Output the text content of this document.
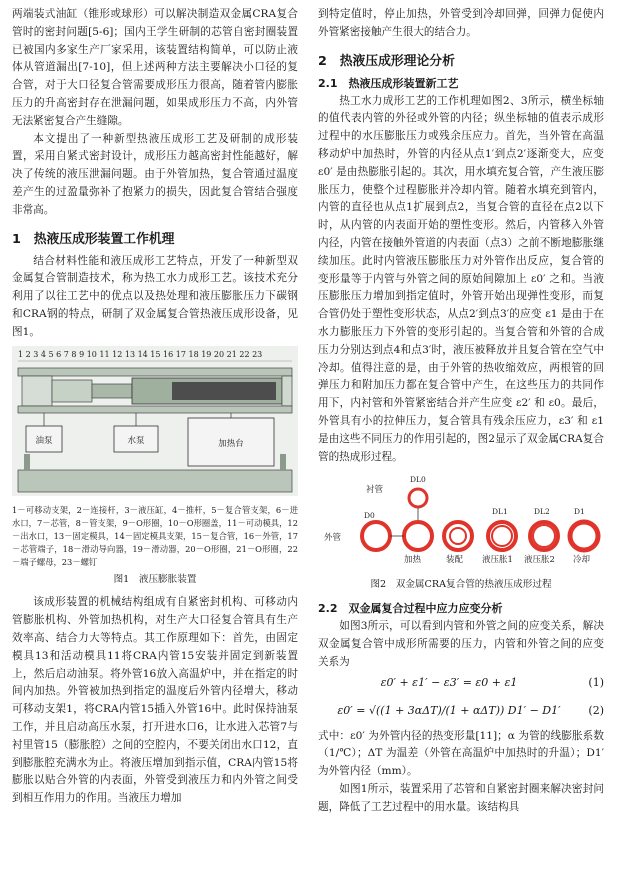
两端装式油缸（锥形或球形）可以解决制造双金属CRA复合管时的密封问题[5-6]；国内王学生研制的芯管自密封圈装置已被国内多家生产厂家采用，该装置结构简单，可以防止液体从管道漏出[7-10]，但上述两种方法主要解决小口径的复合管，对于大口径复合管需要成形压力很高，随着管内膨胀压力的升高密封存在泄漏问题，如果成形压力不高，内外管无法紧密复合产生缝隙。

本文提出了一种新型热液压成形工艺及研制的成形装置，采用自紧式密封设计，成形压力越高密封性能越好，解决了传统的液压泄漏问题。由于外管加热，复合管通过温度差产生的过盈量弥补了抱紧力的损失，因此复合管结合强度非常高。

1　热液压成形装置工作机理

结合材料性能和液压成形工艺特点，开发了一种新型双金属复合管制造技术，称为热工水力成形工艺。该技术充分利用了以往工艺中的优点以及热处理和液压膨胀压力下碳钢和CRA钢的特点，研制了双金属复合管热液压成形设备，见图1。

1 2 3 4 5 6 7 8 9 10 11 12 13 14 15 16 17 18 19 20 21 22 23
油泵	水泵	加热台

1－可移动支架，2－连接杆，3－液压缸，4－推杆，5－复合管支架，6－进水口，7－芯管，8－管支架，9－O形圈，10－O形圈盖，11－可动模具，12－出水口，13－固定模具，14－固定模具支架，15－复合管，16－外管，17－芯管端子，18－滑动导向器，19－滑动器，20－O形圈，21－O形圈，22－端子螺母，23－螺钉

图1　液压膨胀装置

该成形装置的机械结构组成有自紧密封机构、可移动内管膨胀机构、外管加热机构，对生产大口径复合管具有生产效率高、结合力大等特点。其工作原理如下：首先，由固定模具13和活动模具11将CRA内管15安装并固定到新装置上，然后启动油泵。将外管16放入高温炉中，并在指定的时间内加热。外管被加热到指定的温度后外管内径增大，移动可移动支架1，将CRA内管15插入外管16中。此时保持油泵工作，并且启动高压水泵，打开进水口6，让水进入芯管7与衬里管15（膨胀腔）之间的空腔内，不要关闭出水口12，直到膨胀腔充满水为止。将液压增加到指示值，CRA内管15将膨胀以贴合外管的内表面，外管受到液压力和内外管之间受到相互作用力的作用。当液压力增加

到特定值时，停止加热，外管受到冷却回弹，回弹力促使内外管紧密接触产生很大的结合力。

2　热液压成形理论分析
2.1　热液压成形装置新工艺

热工水力成形工艺的工作机理如图2、3所示，横坐标轴的值代表内管的外径或外管的内径；纵坐标轴的值表示成形过程中的水压膨胀压力或残余压应力。首先，当外管在高温移动炉中加热时，外管的内径从点1′到点2′逐渐变大，应变 ε0′ 是由热膨胀引起的。其次，用水填充复合管，产生液压膨胀压力，使整个过程膨胀并冷却内管。随着水填充到管内，内管的直径也从点1扩展到点2，当复合管的直径在点2以下时，从内管的内表面开始的塑性变形。然后，内管移入外管内径，内管在接触外管道的内表面（点3）之前不断地膨胀继续加压。此时内管液压膨胀压力对外管作出反应，复合管的变形量等于内管与外管之间的原始间隙加上 ε0′ 之和。当液压膨胀压力增加到指定值时，外管开始出现弹性变形，而复合管仍处于塑性变形状态，从点2′到点3′的应变 ε1 是由于在水力膨胀压力下外管的变形引起的。当复合管和外管的合成压力分别达到点4和点3′时，液压被释放并且复合管在空气中冷却。值得注意的是，由于外管的热收缩效应，两根管的回弹压力和附加压力都在复合管中产生，在这些压力的共同作用下，内衬管和外管紧密结合并产生应变 ε2′ 和 ε0。最后，外管具有小的拉伸压力，复合管具有残余压应力，ε3′ 和 ε1 是由这些不同压力的作用引起的，图2显示了双金属CRA复合管的热成形过程。

衬管
DL0
D0
外管
加热	装配
DL1
液压胀1
DL2
液压胀2
D1
冷却

图2　双金属CRA复合管的热液压成形过程

2.2　双金属复合过程中应力应变分析

如图3所示，可以看到内管和外管之间的应变关系，解决双金属复合管中成形所需要的压力，内管和外管之间的应变关系为

ε0′ + ε1′ − ε3′ = ε0 + ε1	(1)
ε0′ = √((1 + 3αΔT)/(1 + αΔT)) D1′ − D1′	(2)

式中：ε0′ 为外管内径的热变形量[11]；α 为管的线膨胀系数（1/℃）；ΔT 为温差（外管在高温炉中加热时的升温）；D1′ 为外管内径（mm）。

如图1所示，装置采用了芯管和自紧密封圈来解决密封问题，降低了工艺过程中的用水量。该结构具
